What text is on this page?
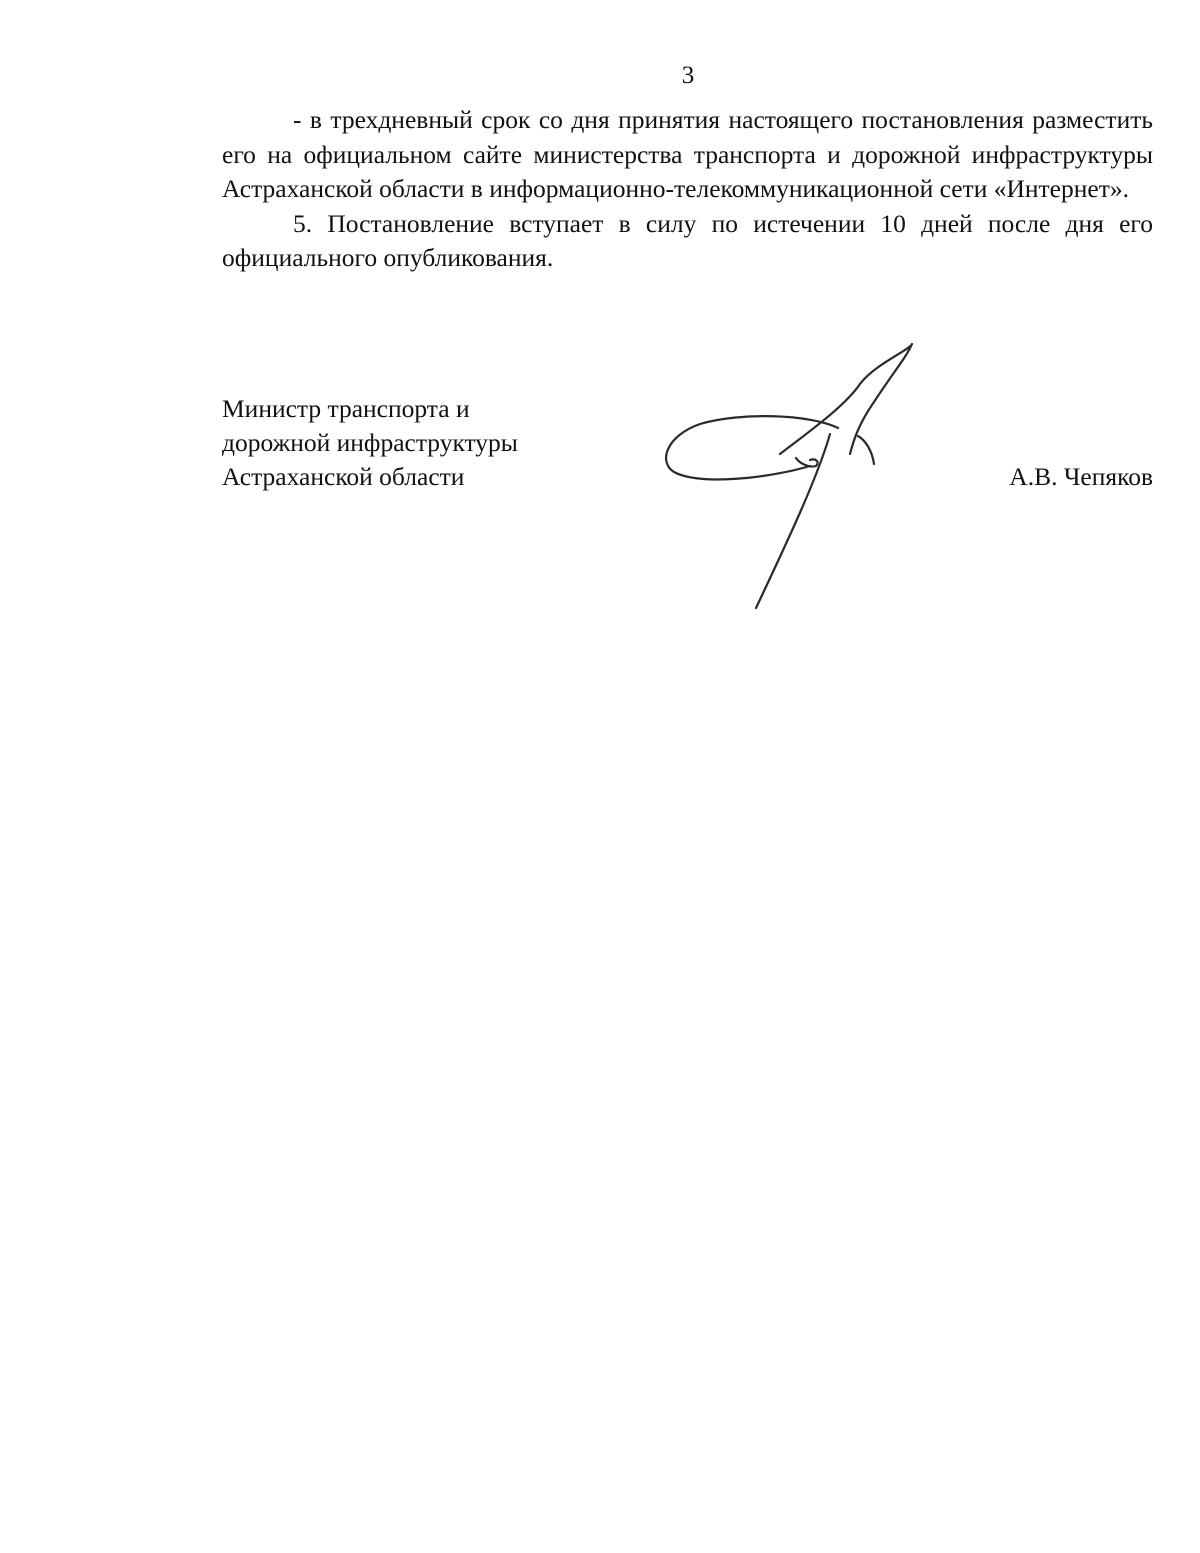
3

- в трехдневный срок со дня принятия настоящего постановления разместить его на официальном сайте министерства транспорта и дорожной инфраструктуры Астраханской области в информационно-телекоммуникационной сети «Интернет».

5. Постановление вступает в силу по истечении 10 дней после дня его официального опубликования.

Министр транспорта и
дорожной инфраструктуры
Астраханской области	А.В. Чепяков
